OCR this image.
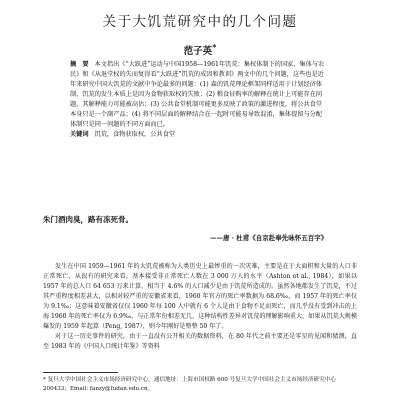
关于大饥荒研究中的几个问题
范子英*

摘　要 本文指出《“大跃进”运动与中国1958—1961年饥荒：集权体制下的国家、集体与农民》和《从退堂权的失而复得看“大跃进”饥荒的成因和教训》两文中的几个问题，这些也是近年来研究中国大饥荒的文献中争论最多的问题：(1) 森的饥荒理论框架同样适用于计划经济体制，饥荒的发生本质上是因为食物获取权的失败；(2) 粮食征购率的解释在统计上可能存在问题，其解释能力可能被高估；(3) 公共食堂机制可能更多反映了政策的激进程度，将公共食堂本身只是一个副产品；(4) 将不同层面的解释结合在一起时可能易导致混淆，集体提留与分配体制只是同一问题的不同方面而已。

关键词 饥荒，食物获取权，公共食堂

朱门酒肉臭，路有冻死骨。
——唐 · 杜甫《自京赴奉先咏怀五百字》

发生在中国 1959—1961 年的大饥荒被称为人类历史上最惨重的一次灾难，主要是在于大面积和大量的人口非正常死亡，从很有的研究来看，基本接受非正常死亡人数在 3 000 万人的水平（Ashton et al., 1984），如果以 1957 年的总人口 64 653 万来计算，相当于 4.6% 的人口减少是由于饥荒所造成的。虽然各地都发生了饥荒，不过其严重程度相差甚大，以相对较严重的安徽省来看，1960 年官方的死亡率数据为 68.6‰，而 1957 年的死亡率仅为 9.1‰；这意味着安徽省仅仅 1960 年每 100 人中就有 6 个人是由于食物不足而死亡，而几乎没有受到冲击的上海 1960 年的死亡率仅为 6.9‰，与正常年份相差无几，这种结构性差异对饥荒的理解影响重大，如果从饥荒大规模爆发的 1959 年起算（Peng, 1987），则今年刚好是整整 50 年了。

对于这一历史事件的研究，由于一直没有公开相关的数据资料，在 80 年代之前主要还是零星的见闻和猜测，直至 1983 年的《中国人口统计年鉴》等资料

* 复旦大学中国社会主义市场经济研究中心。通信地址：上海市国权路 600 号复旦大学中国社会主义市场经济研究中心 200433；Email: fanzy@fudan.edu.cn。
